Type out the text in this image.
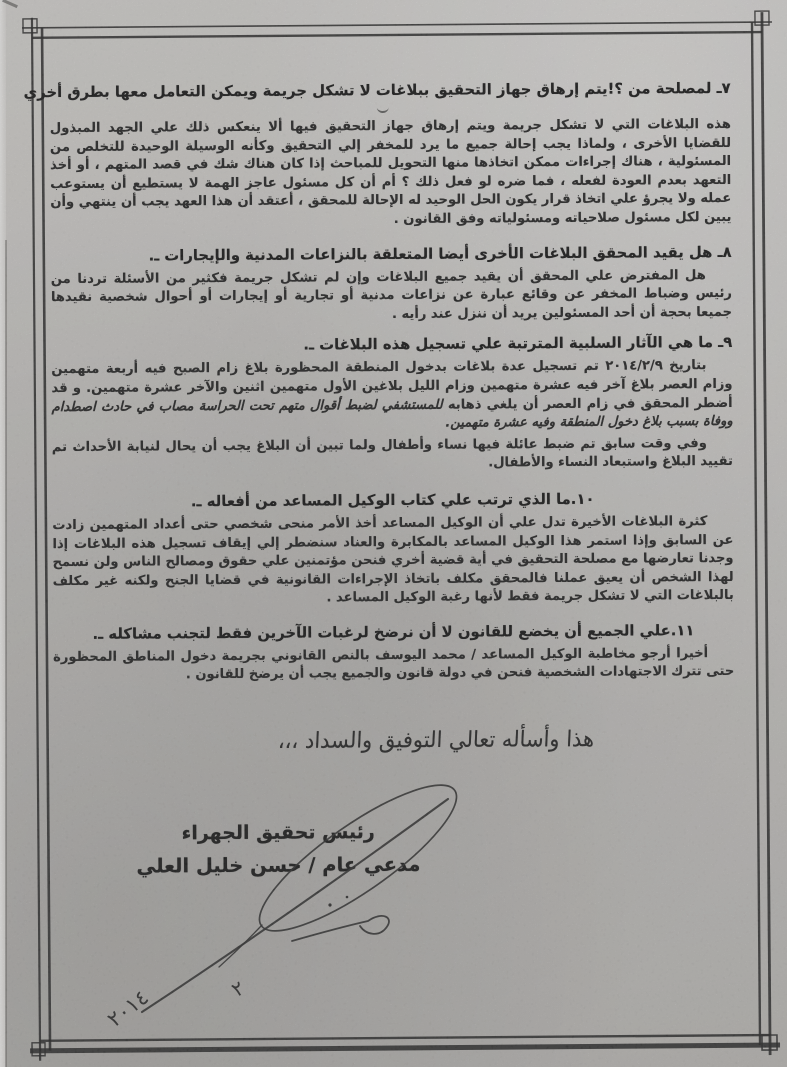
٧ـ لمصلحة من ؟!يتم إرهاق جهاز التحقيق ببلاغات لا تشكل جريمة ويمكن التعامل معها بطرق أخري

هذه البلاغات التي لا تشكل جريمة ويتم إرهاق جهاز التحقيق فيها ألا ينعكس ذلك علي الجهد المبذول للقضايا الأخرى ، ولماذا يجب إحالة جميع ما يرد للمخفر إلي التحقيق وكأنه الوسيلة الوحيدة للتخلص من المسئولية ، هناك إجراءات ممكن اتخاذها منها التحويل للمباحث إذا كان هناك شك في قصد المتهم ، أو أخذ التعهد بعدم العودة لفعله ، فما ضره لو فعل ذلك ؟ أم أن كل مسئول عاجز الهمة لا يستطيع أن يستوعب عمله ولا يجرؤ علي اتخاذ قرار يكون الحل الوحيد له الإحالة للمحقق ، أعتقد أن هذا العهد يجب أن ينتهي وأن يبين لكل مسئول صلاحياته ومسئولياته وفق القانون .

٨ـ هل يقيد المحقق البلاغات الأخرى أيضا المتعلقة بالنزاعات المدنية والإيجارات ـ.

هل المفترض علي المحقق أن يقيد جميع البلاغات وإن لم تشكل جريمة فكثير من الأسئلة تردنا من رئيس وضباط المخفر عن وقائع عبارة عن نزاعات مدنية أو تجارية أو إيجارات أو أحوال شخصية نقيدها جميعا بحجة أن أحد المسئولين يريد أن ننزل عند رأيه .

٩ـ ما هي الآثار السلبية المترتبة علي تسجيل هذه البلاغات ـ.

بتاريخ ٢٠١٤/٢/٩ تم تسجيل عدة بلاغات بدخول المنطقة المحظورة بلاغ زام الصبح فيه أربعة متهمين وزام العصر بلاغ آخر فيه عشرة متهمين وزام الليل بلاغين الأول متهمين اثنين والآخر عشرة متهمين. و قد أضطر المحقق في زام العصر أن يلغي ذهابه للمستشفي لضبط أقوال متهم تحت الحراسة مصاب في حادث اصطدام ووفاة بسبب بلاغ دخول المنطقة وفيه عشرة متهمين.

وفي وقت سابق تم ضبط عائلة فيها نساء وأطفال ولما تبين أن البلاغ يجب أن يحال لنيابة الأحداث تم تقييد البلاغ واستبعاد النساء والأطفال.

١٠.ما الذي ترتب علي كتاب الوكيل المساعد من أفعاله ـ.

كثرة البلاغات الأخيرة تدل علي أن الوكيل المساعد أخذ الأمر منحى شخصي حتى أعداد المتهمين زادت عن السابق وإذا استمر هذا الوكيل المساعد بالمكابرة والعناد سنضطر إلي إيقاف تسجيل هذه البلاغات إذا وجدنا تعارضها مع مصلحة التحقيق في أية قضية أخري فنحن مؤتمنين علي حقوق ومصالح الناس ولن نسمح لهذا الشخص أن يعيق عملنا فالمحقق مكلف باتخاذ الإجراءات القانونية في قضايا الجنح ولكنه غير مكلف بالبلاغات التي لا تشكل جريمة فقط لأنها رغبة الوكيل المساعد .

١١.علي الجميع أن يخضع للقانون لا أن نرضخ لرغبات الآخرين فقط لتجنب مشاكله ـ.

أخيرا أرجو مخاطبة الوكيل المساعد / محمد اليوسف بالنص القانوني بجريمة دخول المناطق المحظورة حتى تترك الاجتهادات الشخصية فنحن في دولة قانون والجميع يجب أن يرضخ للقانون .

هذا وأسأله تعالي التوفيق والسداد ،،،
رئيس تحقيق الجهراء
مدعي عام / حسن خليل العلي
٢٠١٤	٢
